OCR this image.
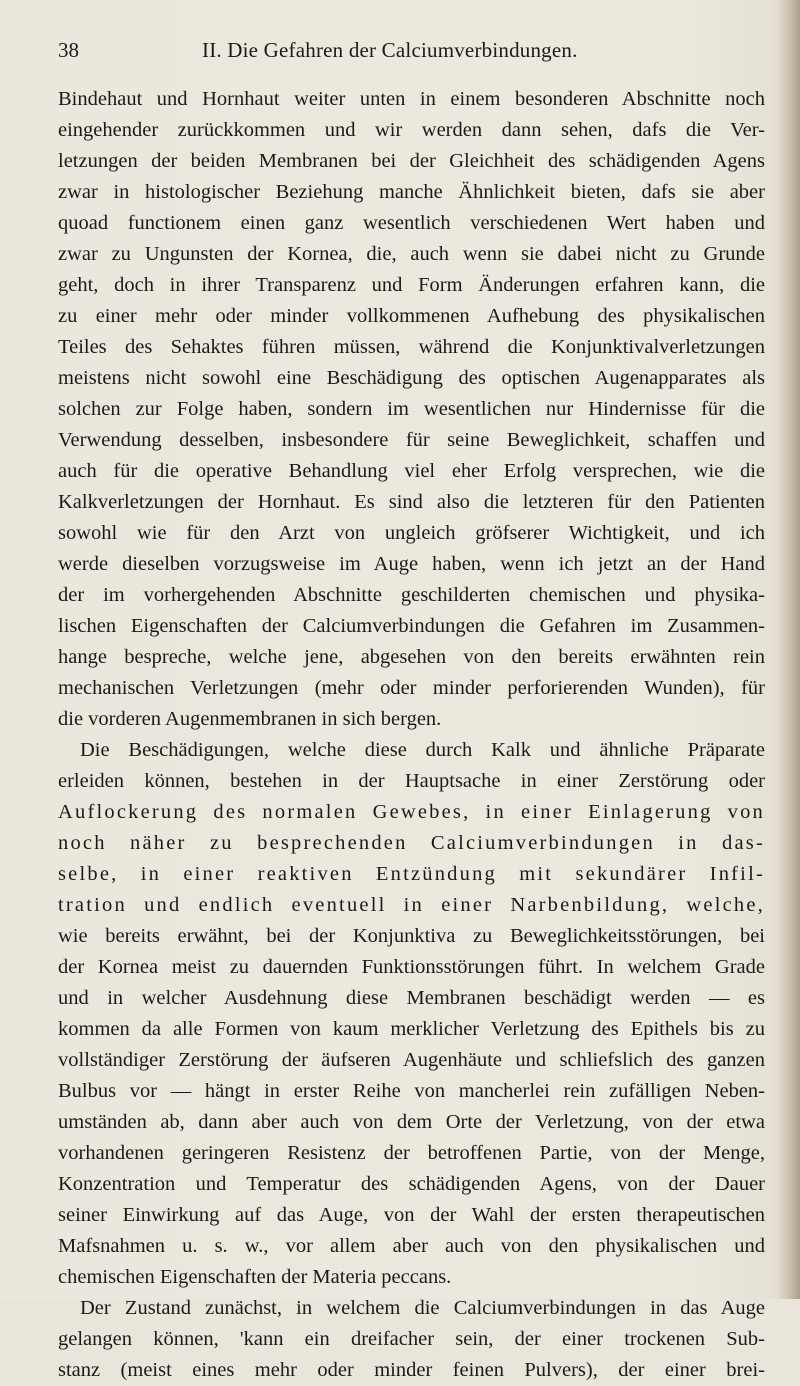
38	II. Die Gefahren der Calciumverbindungen.
Bindehaut und Hornhaut weiter unten in einem besonderen Abschnitte noch
eingehender zurückkommen und wir werden dann sehen, dafs die Ver-
letzungen der beiden Membranen bei der Gleichheit des schädigenden Agens
zwar in histologischer Beziehung manche Ähnlichkeit bieten, dafs sie aber
quoad functionem einen ganz wesentlich verschiedenen Wert haben und
zwar zu Ungunsten der Kornea, die, auch wenn sie dabei nicht zu Grunde
geht, doch in ihrer Transparenz und Form Änderungen erfahren kann, die
zu einer mehr oder minder vollkommenen Aufhebung des physikalischen
Teiles des Sehaktes führen müssen, während die Konjunktivalverletzungen
meistens nicht sowohl eine Beschädigung des optischen Augenapparates als
solchen zur Folge haben, sondern im wesentlichen nur Hindernisse für die
Verwendung desselben, insbesondere für seine Beweglichkeit, schaffen und
auch für die operative Behandlung viel eher Erfolg versprechen, wie die
Kalkverletzungen der Hornhaut. Es sind also die letzteren für den Patienten
sowohl wie für den Arzt von ungleich gröfserer Wichtigkeit, und ich
werde dieselben vorzugsweise im Auge haben, wenn ich jetzt an der Hand
der im vorhergehenden Abschnitte geschilderten chemischen und physika-
lischen Eigenschaften der Calciumverbindungen die Gefahren im Zusammen-
hange bespreche, welche jene, abgesehen von den bereits erwähnten rein
mechanischen Verletzungen (mehr oder minder perforierenden Wunden), für
die vorderen Augenmembranen in sich bergen.
Die Beschädigungen, welche diese durch Kalk und ähnliche Präparate
erleiden können, bestehen in der Hauptsache in einer Zerstörung oder
Auflockerung des normalen Gewebes, in einer Einlagerung von
noch näher zu besprechenden Calciumverbindungen in das-
selbe, in einer reaktiven Entzündung mit sekundärer Infil-
tration und endlich eventuell in einer Narbenbildung, welche,
wie bereits erwähnt, bei der Konjunktiva zu Beweglichkeitsstörungen, bei
der Kornea meist zu dauernden Funktionsstörungen führt. In welchem Grade
und in welcher Ausdehnung diese Membranen beschädigt werden — es
kommen da alle Formen von kaum merklicher Verletzung des Epithels bis zu
vollständiger Zerstörung der äufseren Augenhäute und schliefslich des ganzen
Bulbus vor — hängt in erster Reihe von mancherlei rein zufälligen Neben-
umständen ab, dann aber auch von dem Orte der Verletzung, von der etwa
vorhandenen geringeren Resistenz der betroffenen Partie, von der Menge,
Konzentration und Temperatur des schädigenden Agens, von der Dauer
seiner Einwirkung auf das Auge, von der Wahl der ersten therapeutischen
Mafsnahmen u. s. w., vor allem aber auch von den physikalischen und
chemischen Eigenschaften der Materia peccans.
Der Zustand zunächst, in welchem die Calciumverbindungen in das Auge
gelangen können, 'kann ein dreifacher sein, der einer trockenen Sub-
stanz (meist eines mehr oder minder feinen Pulvers), der einer brei-
